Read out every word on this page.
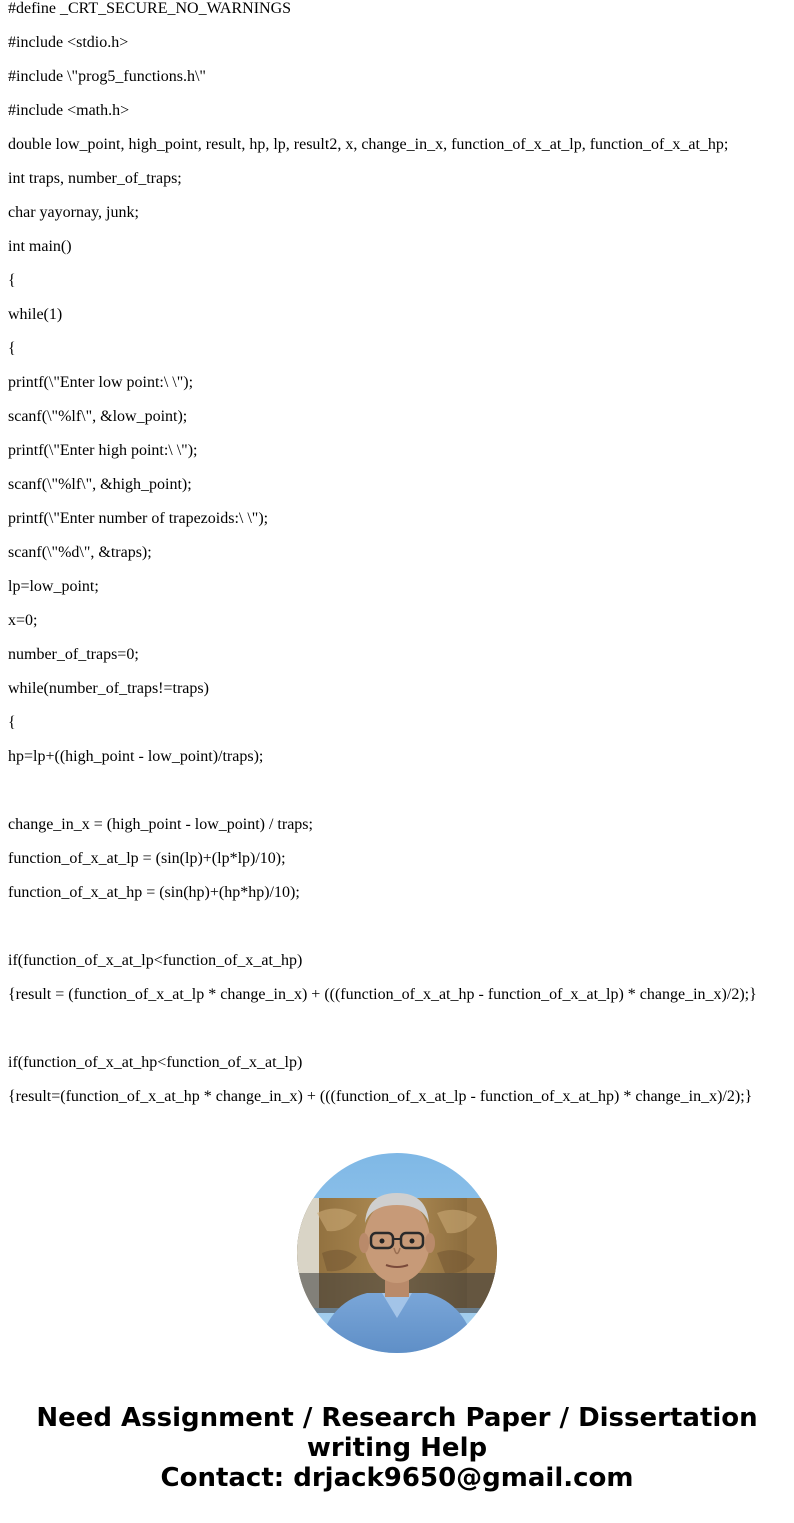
#define _CRT_SECURE_NO_WARNINGS
#include <stdio.h>
#include \"prog5_functions.h\"
#include <math.h>
double low_point, high_point, result, hp, lp, result2, x, change_in_x, function_of_x_at_lp, function_of_x_at_hp;
int traps, number_of_traps;
char yayornay, junk;
int main()
{
while(1)
{
printf(\"Enter low point:\ \");
scanf(\"%lf\", &low_point);
printf(\"Enter high point:\ \");
scanf(\"%lf\", &high_point);
printf(\"Enter number of trapezoids:\ \");
scanf(\"%d\", &traps);
lp=low_point;
x=0;
number_of_traps=0;
while(number_of_traps!=traps)
{
hp=lp+((high_point - low_point)/traps);
change_in_x = (high_point - low_point) / traps;
function_of_x_at_lp = (sin(lp)+(lp*lp)/10);
function_of_x_at_hp = (sin(hp)+(hp*hp)/10);
if(function_of_x_at_lp<function_of_x_at_hp)
{result = (function_of_x_at_lp * change_in_x) + (((function_of_x_at_hp - function_of_x_at_lp) * change_in_x)/2);}
if(function_of_x_at_hp<function_of_x_at_lp)
{result=(function_of_x_at_hp * change_in_x) + (((function_of_x_at_lp - function_of_x_at_hp) * change_in_x)/2);}
Need Assignment / Research Paper / Dissertation
writing Help
Contact: drjack9650@gmail.com
